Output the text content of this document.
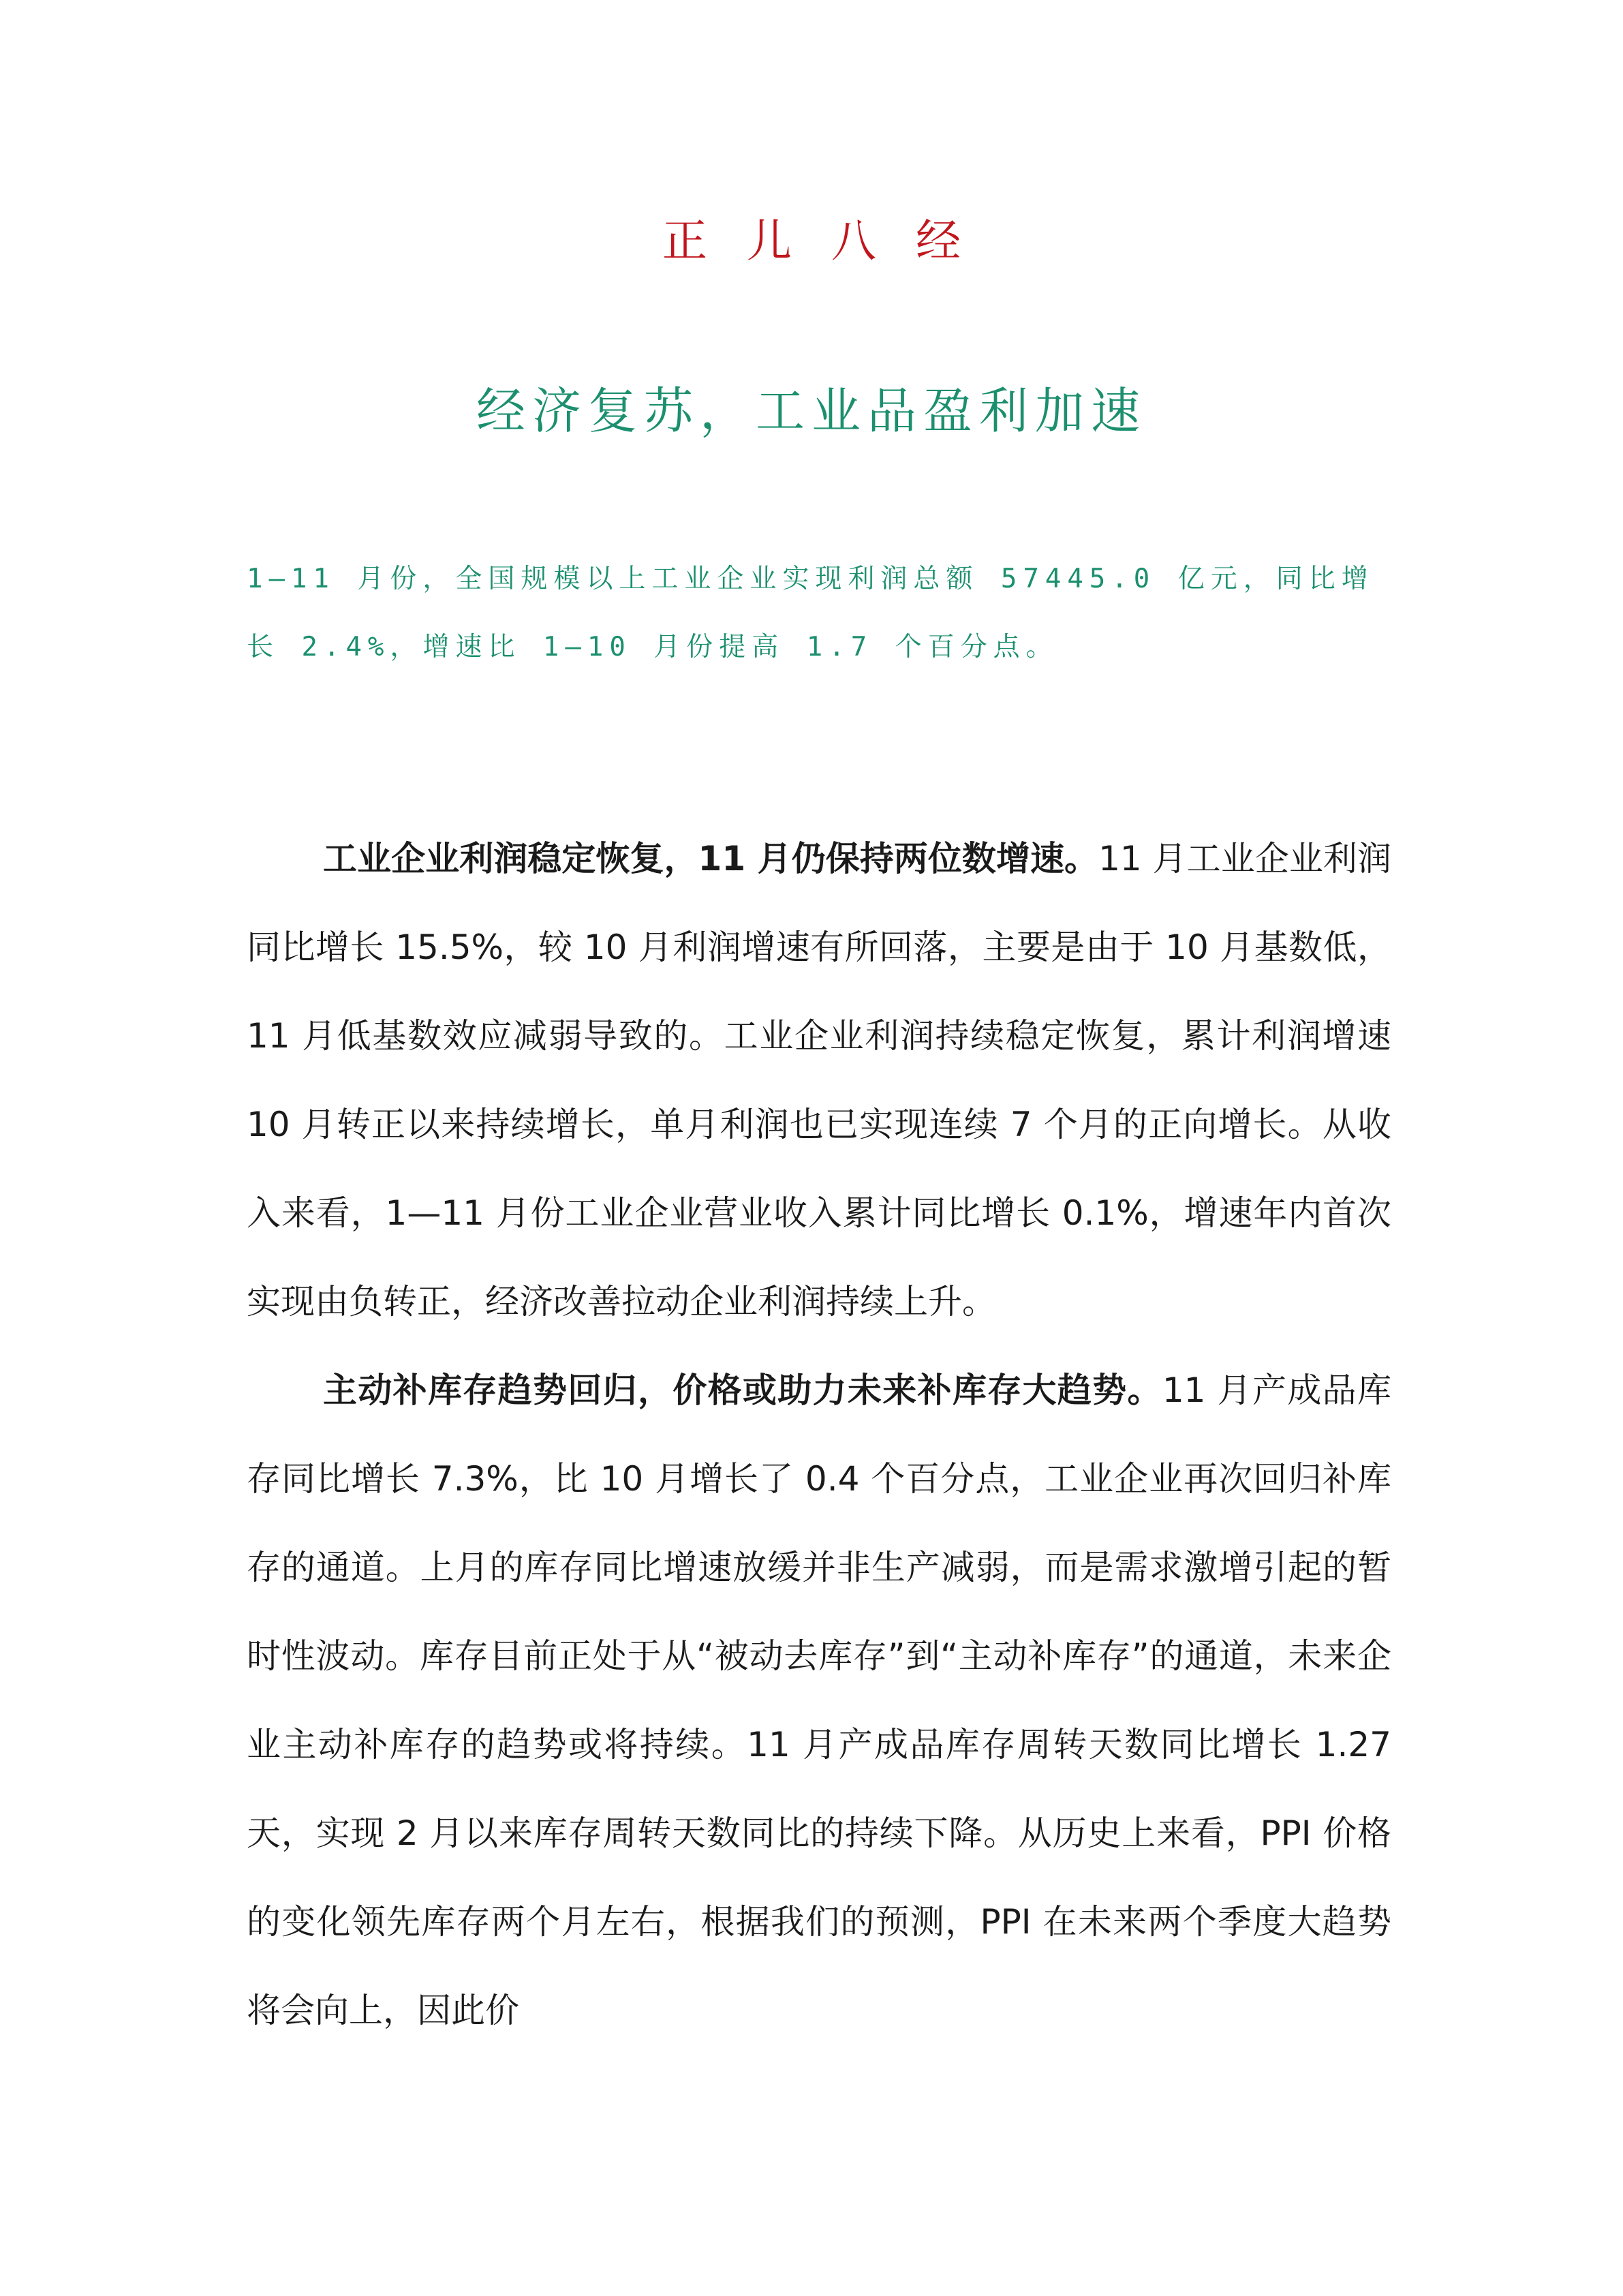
正儿八经
经济复苏，工业品盈利加速
1—11 月份，全国规模以上工业企业实现利润总额 57445.0 亿元，同比增长 2.4%，增速比 1—10 月份提高 1.7 个百分点。

工业企业利润稳定恢复，11 月仍保持两位数增速。11 月工业企业利润同比增长 15.5%，较 10 月利润增速有所回落，主要是由于 10 月基数低，11 月低基数效应减弱导致的。工业企业利润持续稳定恢复，累计利润增速 10 月转正以来持续增长，单月利润也已实现连续 7 个月的正向增长。从收入来看，1—11 月份工业企业营业收入累计同比增长 0.1%，增速年内首次实现由负转正，经济改善拉动企业利润持续上升。

主动补库存趋势回归，价格或助力未来补库存大趋势。11 月产成品库存同比增长 7.3%，比 10 月增长了 0.4 个百分点，工业企业再次回归补库存的通道。上月的库存同比增速放缓并非生产减弱，而是需求激增引起的暂时性波动。库存目前正处于从“被动去库存”到“主动补库存”的通道，未来企业主动补库存的趋势或将持续。11 月产成品库存周转天数同比增长 1.27 天，实现 2 月以来库存周转天数同比的持续下降。从历史上来看，PPI 价格的变化领先库存两个月左右，根据我们的预测，PPI 在未来两个季度大趋势将会向上，因此价
